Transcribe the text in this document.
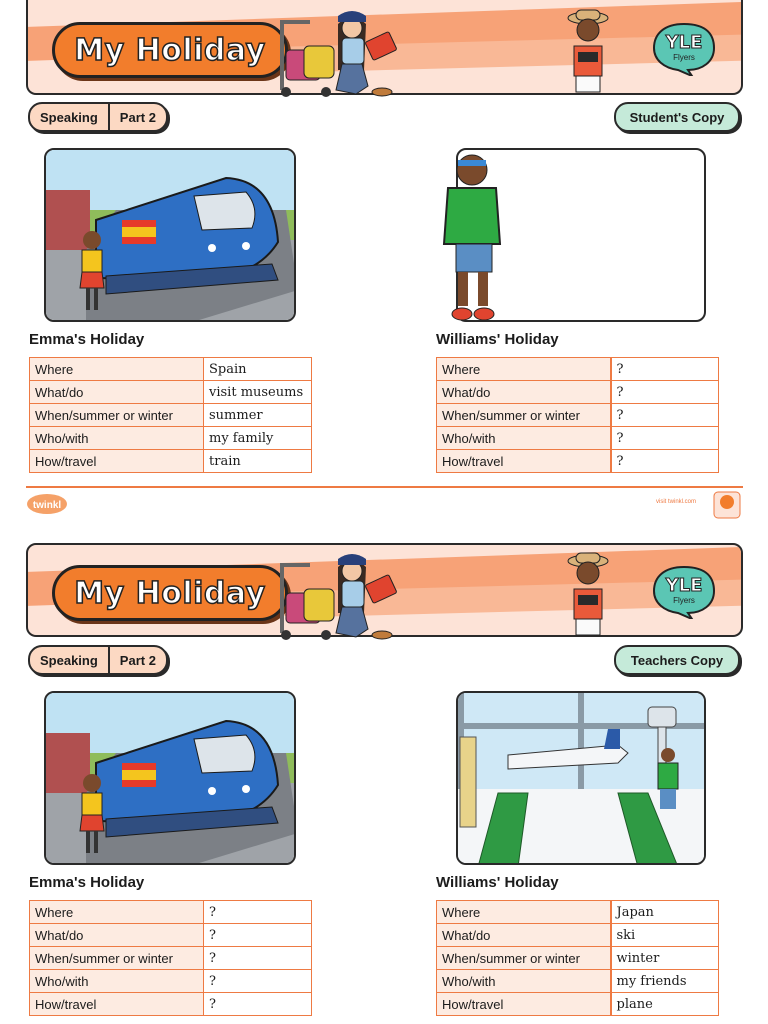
My Holiday	YLE
Flyers
Speaking	Part 2	Student's Copy
Emma's Holiday	Williams' Holiday
Where	Spain
What/do	visit museums
When/summer or winter	summer
Who/with	my family
How/travel	train
Where	?
What/do	?
When/summer or winter	?
Who/with	?
How/travel	?
twinkl	visit twinkl.com
My Holiday	YLE
Flyers
Speaking	Part 2	Teachers Copy
Emma's Holiday	Williams' Holiday
Where	?
What/do	?
When/summer or winter	?
Who/with	?
How/travel	?
Where	Japan
What/do	ski
When/summer or winter	winter
Who/with	my friends
How/travel	plane
